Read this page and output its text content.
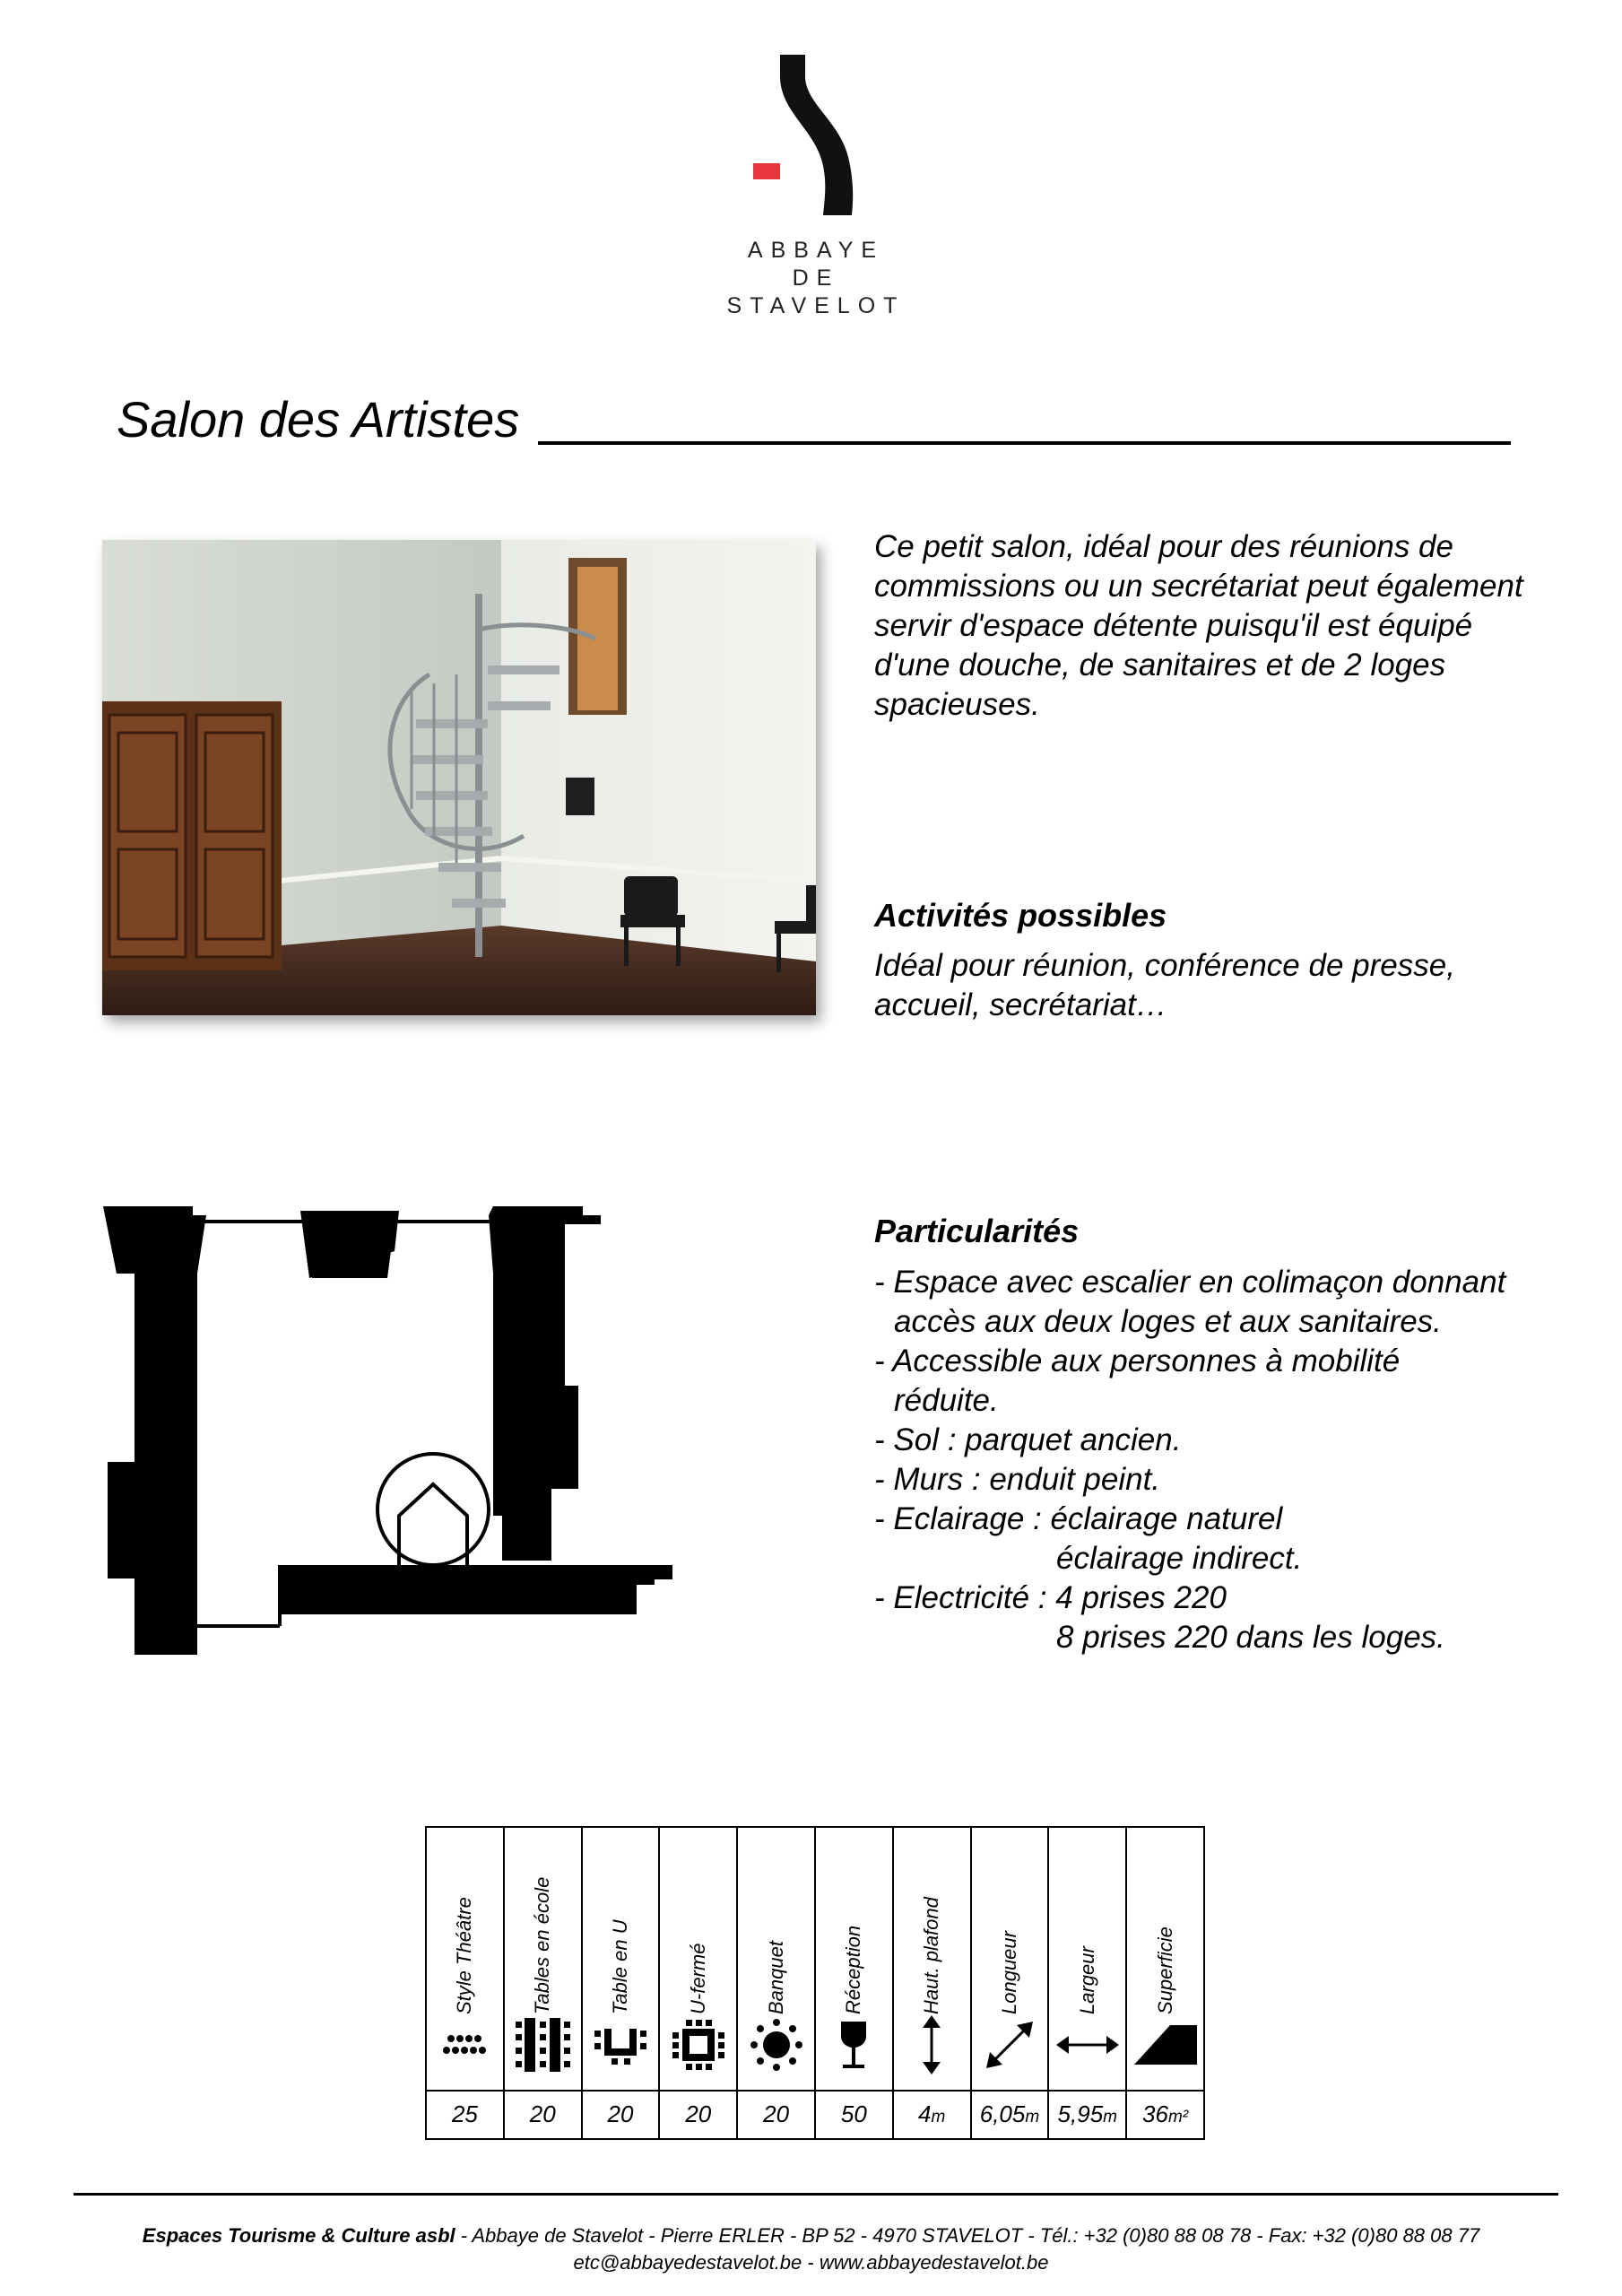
ABBAYE
DE
STAVELOT
Salon des Artistes
Ce petit salon, idéal pour des réunions de commissions ou un secrétariat peut également servir d'espace détente puisqu'il est équipé d'une douche, de sanitaires et de 2 loges spacieuses.
Activités possibles
Idéal pour réunion, conférence de presse, accueil, secrétariat…
Particularités

- Espace avec escalier en colimaçon donnant

accès aux deux loges et aux sanitaires.

- Accessible aux personnes à mobilité

réduite.

- Sol : parquet ancien.

- Murs : enduit peint.

- Eclairage : éclairage naturel

éclairage indirect.

- Electricité : 4 prises 220

8 prises 220 dans les loges.

Style Théâtre
25
Tables en école
20
Table en U
20
U-fermé
20
Banquet
20
Réception
50
Haut. plafond
4m
Longueur
6,05m
Largeur
5,95m
Superficie
36m²
Espaces Tourisme & Culture asbl - Abbaye de Stavelot - Pierre ERLER - BP 52 - 4970 STAVELOT - Tél.: +32 (0)80 88 08 78 - Fax: +32 (0)80 88 08 77
etc@abbayedestavelot.be - www.abbayedestavelot.be
